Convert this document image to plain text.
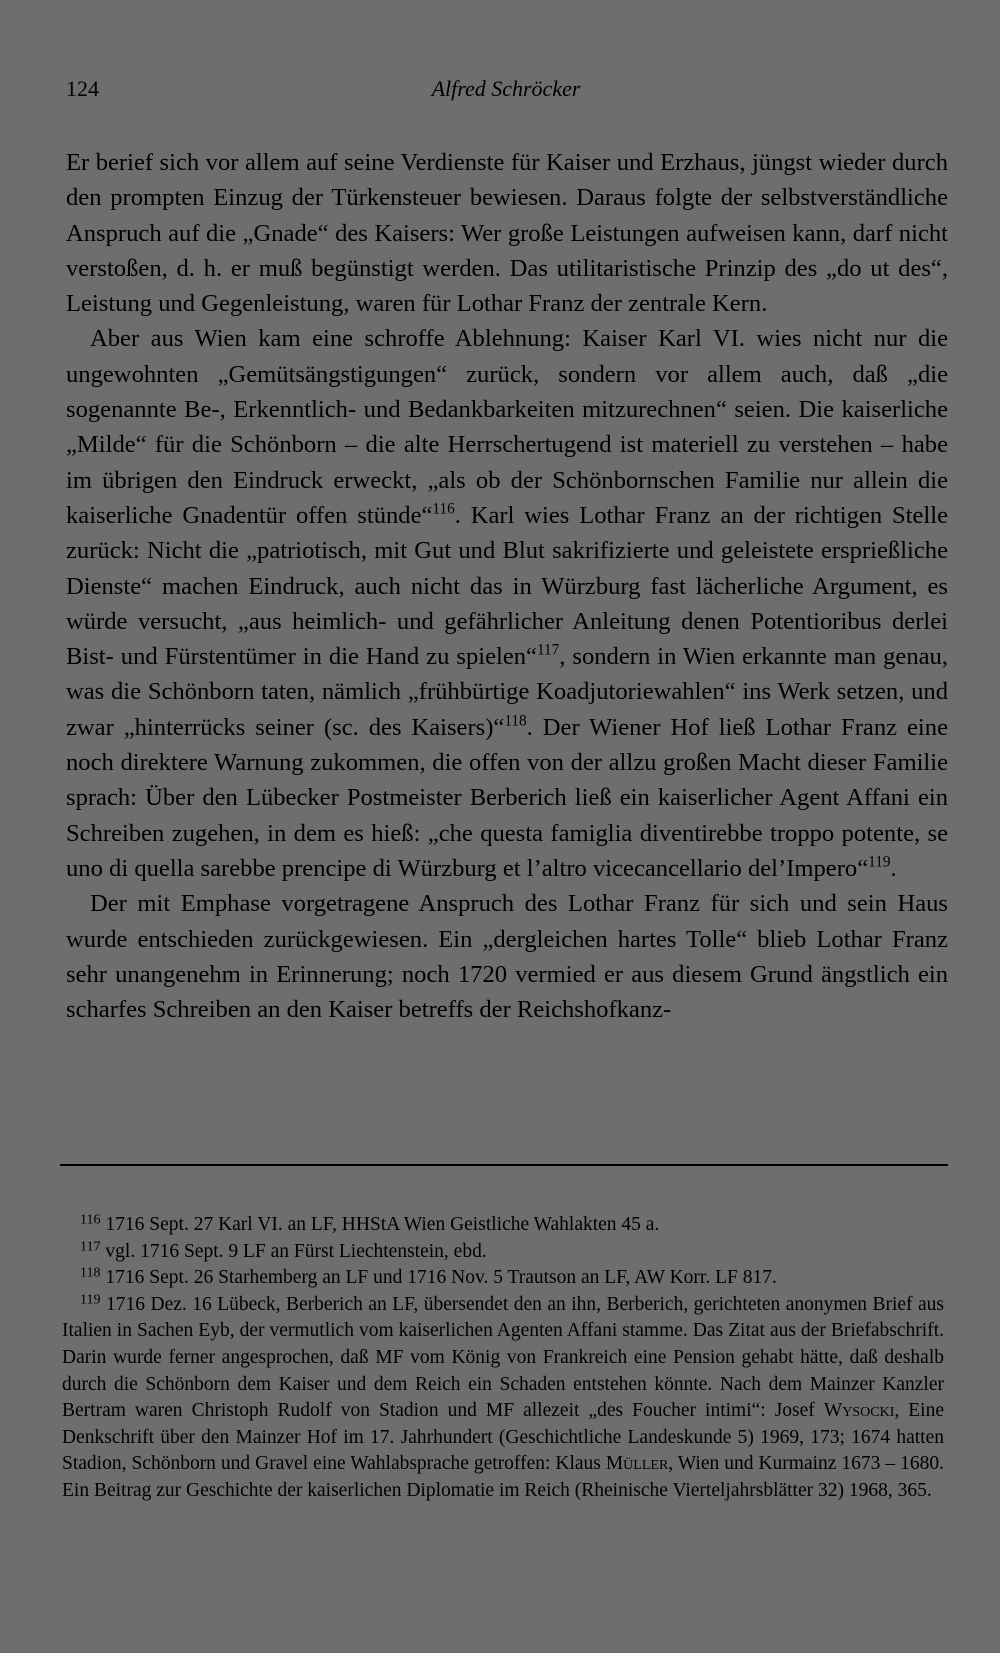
124	Alfred Schröcker

Er berief sich vor allem auf seine Verdienste für Kaiser und Erzhaus, jüngst wieder durch den prompten Einzug der Türkensteuer bewiesen. Daraus folgte der selbstverständliche Anspruch auf die „Gnade“ des Kaisers: Wer große Leistungen aufweisen kann, darf nicht verstoßen, d. h. er muß begünstigt werden. Das utilitaristische Prinzip des „do ut des“, Leistung und Gegenleistung, waren für Lothar Franz der zentrale Kern.

Aber aus Wien kam eine schroffe Ablehnung: Kaiser Karl VI. wies nicht nur die ungewohnten „Gemütsängstigungen“ zurück, sondern vor allem auch, daß „die sogenannte Be-, Erkenntlich- und Bedankbarkeiten mitzurechnen“ seien. Die kaiserliche „Milde“ für die Schönborn – die alte Herrschertugend ist materiell zu verstehen – habe im übrigen den Eindruck erweckt, „als ob der Schönbornschen Familie nur allein die kaiserliche Gnadentür offen stünde“$^{116}$. Karl wies Lothar Franz an der richtigen Stelle zurück: Nicht die „patriotisch, mit Gut und Blut sakrifizierte und geleistete ersprießliche Dienste“ machen Eindruck, auch nicht das in Würzburg fast lächerliche Argument, es würde versucht, „aus heimlich- und gefährlicher Anleitung denen Potentioribus derlei Bist- und Fürstentümer in die Hand zu spielen“$^{117}$, sondern in Wien erkannte man genau, was die Schönborn taten, nämlich „frühbürtige Koadjutoriewahlen“ ins Werk setzen, und zwar „hinterrücks seiner (sc. des Kaisers)“$^{118}$. Der Wiener Hof ließ Lothar Franz eine noch direktere Warnung zukommen, die offen von der allzu großen Macht dieser Familie sprach: Über den Lübecker Postmeister Berberich ließ ein kaiserlicher Agent Affani ein Schreiben zugehen, in dem es hieß: „che questa famiglia diventirebbe troppo potente, se uno di quella sarebbe prencipe di Würzburg et l’altro vicecancellario del’Impero“$^{119}$.

Der mit Emphase vorgetragene Anspruch des Lothar Franz für sich und sein Haus wurde entschieden zurückgewiesen. Ein „dergleichen hartes Tolle“ blieb Lothar Franz sehr unangenehm in Erinnerung; noch 1720 vermied er aus diesem Grund ängstlich ein scharfes Schreiben an den Kaiser betreffs der Reichshofkanz-

$^{116}$ 1716 Sept. 27 Karl VI. an LF, HHStA Wien Geistliche Wahlakten 45 a.

$^{117}$ vgl. 1716 Sept. 9 LF an Fürst Liechtenstein, ebd.

$^{118}$ 1716 Sept. 26 Starhemberg an LF und 1716 Nov. 5 Trautson an LF, AW Korr. LF 817.

$^{119}$ 1716 Dez. 16 Lübeck, Berberich an LF, übersendet den an ihn, Berberich, gerichteten anonymen Brief aus Italien in Sachen Eyb, der vermutlich vom kaiserlichen Agenten Affani stamme. Das Zitat aus der Briefabschrift. Darin wurde ferner angesprochen, daß MF vom König von Frankreich eine Pension gehabt hätte, daß deshalb durch die Schönborn dem Kaiser und dem Reich ein Schaden entstehen könnte. Nach dem Mainzer Kanzler Bertram waren Christoph Rudolf von Stadion und MF allezeit „des Foucher intimi“: Josef Wysocki, Eine Denkschrift über den Mainzer Hof im 17. Jahrhundert (Geschichtliche Landeskunde 5) 1969, 173; 1674 hatten Stadion, Schönborn und Gravel eine Wahlabsprache getroffen: Klaus Müller, Wien und Kurmainz 1673 – 1680. Ein Beitrag zur Geschichte der kaiserlichen Diplomatie im Reich (Rheinische Vierteljahrsblätter 32) 1968, 365.
